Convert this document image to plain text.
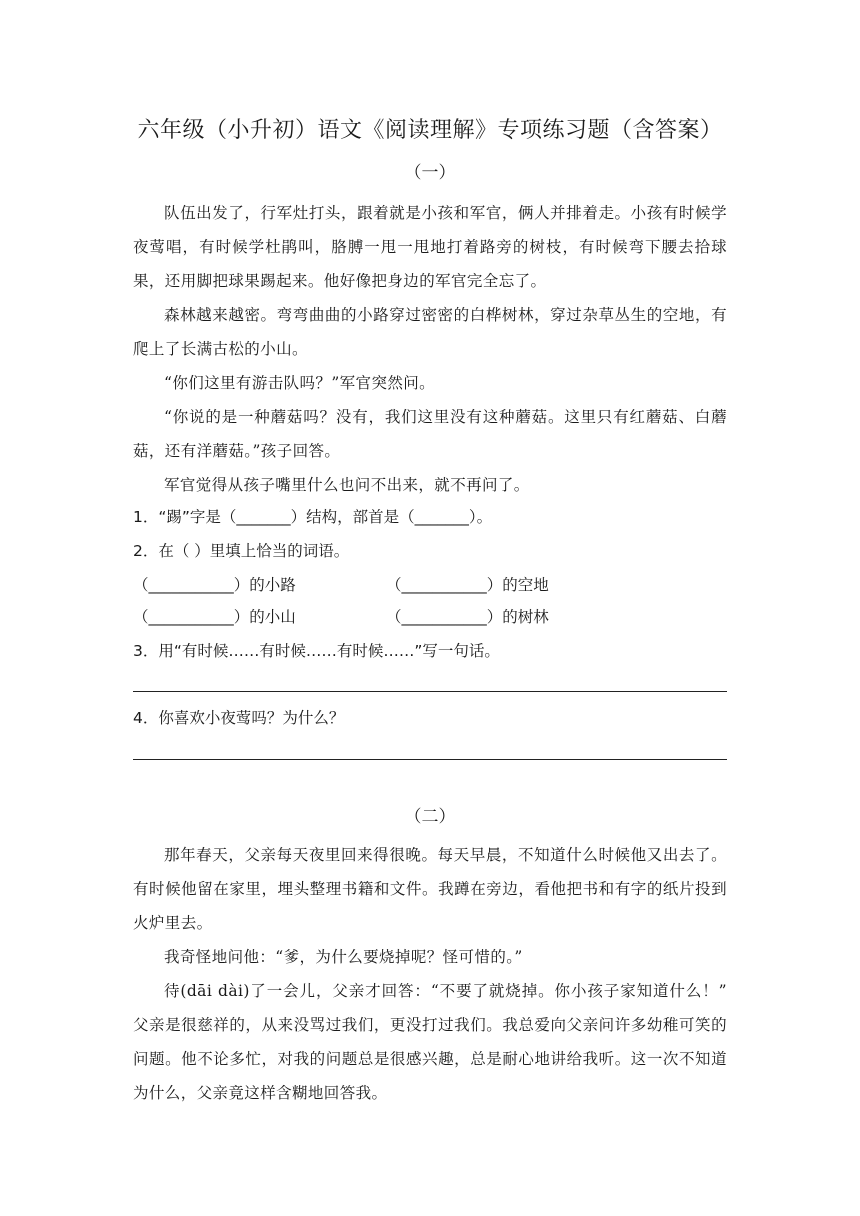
六年级（小升初）语文《阅读理解》专项练习题（含答案）
（一）
队伍出发了，行军灶打头，跟着就是小孩和军官，俩人并排着走。小孩有时候学夜莺唱，有时候学杜鹃叫，胳膊一甩一甩地打着路旁的树枝，有时候弯下腰去拾球果，还用脚把球果踢起来。他好像把身边的军官完全忘了。
森林越来越密。弯弯曲曲的小路穿过密密的白桦树林，穿过杂草丛生的空地，有爬上了长满古松的小山。
“你们这里有游击队吗？”军官突然问。
“你说的是一种蘑菇吗？没有，我们这里没有这种蘑菇。这里只有红蘑菇、白蘑菇，还有洋蘑菇。”孩子回答。
军官觉得从孩子嘴里什么也问不出来，就不再问了。
1．“踢”字是（_______）结构，部首是（_______）。
2．在（ ）里填上恰当的词语。
（___________）的小路	（___________）的空地
（___________）的小山	（___________）的树林
3．用“有时候……有时候……有时候……”写一句话。
4．你喜欢小夜莺吗？为什么？
（二）
那年春天，父亲每天夜里回来得很晚。每天早晨，不知道什么时候他又出去了。有时候他留在家里，埋头整理书籍和文件。我蹲在旁边，看他把书和有字的纸片投到火炉里去。
我奇怪地问他：“爹，为什么要烧掉呢？怪可惜的。”
待(dāi dài)了一会儿，父亲才回答：“不要了就烧掉。你小孩子家知道什么！” 父亲是很慈祥的，从来没骂过我们，更没打过我们。我总爱向父亲问许多幼稚可笑的问题。他不论多忙，对我的问题总是很感兴趣，总是耐心地讲给我听。这一次不知道为什么，父亲竟这样含糊地回答我。
